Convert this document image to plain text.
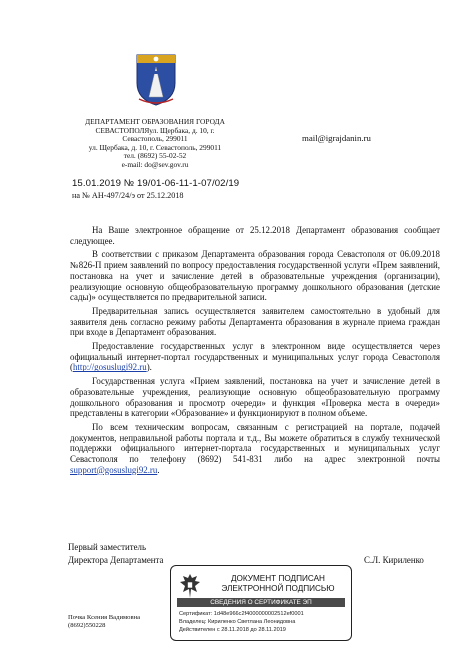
ДЕПАРТАМЕНТ ОБРАЗОВАНИЯ ГОРОДА
СЕВАСТОПОЛЯул. Щербака, д. 10, г.
Севастополь, 299011
ул. Щербака, д. 10, г. Севастополь, 299011
тел. (8692) 55-02-52
e-mail: do@sev.gov.ru
mail@igrajdanin.ru
15.01.2019 № 19/01-06-11-1-07/02/19
на № АН-497/24/э от 25.12.2018

На Ваше электронное обращение от 25.12.2018 Департамент образования сообщает следующее.

В соответствии с приказом Департамента образования города Севастополя от 06.09.2018 №826-П прием заявлений по вопросу предоставления государственной услуги «Прем заявлений, постановка на учет и зачисление детей в образовательные учреждения (организации), реализующие основную общеобразовательную программу дошкольного образования (детские сады)» осуществляется по предварительной записи.

Предварительная запись осуществляется заявителем самостоятельно в удобный для заявителя день согласно режиму работы Департамента образования в журнале приема граждан при входе в Департамент образования.

Предоставление государственных услуг в электронном виде осуществляется через официальный интернет-портал государственных и муниципальных услуг города Севастополя (http://gosuslugi92.ru).

Государственная услуга «Прием заявлений, постановка на учет и зачисление детей в образовательные учреждения, реализующие основную общеобразовательную программу дошкольного образования и просмотр очереди» и функция «Проверка места в очереди» представлены в категории «Образование» и функционируют в полном объеме.

По всем техническим вопросам, связанным с регистрацией на портале, подачей документов, неправильной работы портала и т.д., Вы можете обратиться в службу технической поддержки официального интернет-портала государственных и муниципальных услуг Севастополя по телефону (8692) 541-831 либо на адрес электронной почты support@gosuslugi92.ru.

Первый заместитель
Директора Департамента	С.Л. Кириленко
ДОКУМЕНТ ПОДПИСАН
ЭЛЕКТРОННОЙ ПОДПИСЬЮ
СВЕДЕНИЯ О СЕРТИФИКАТЕ ЭП
Сертификат: 1d48e966c2f4000000002512ef0001
Владелец: Кириленко Светлана Леонидовна
Действителен с 28.11.2018 до 28.11.2019
Почка Ксения Вадимовна
(8692)550228
